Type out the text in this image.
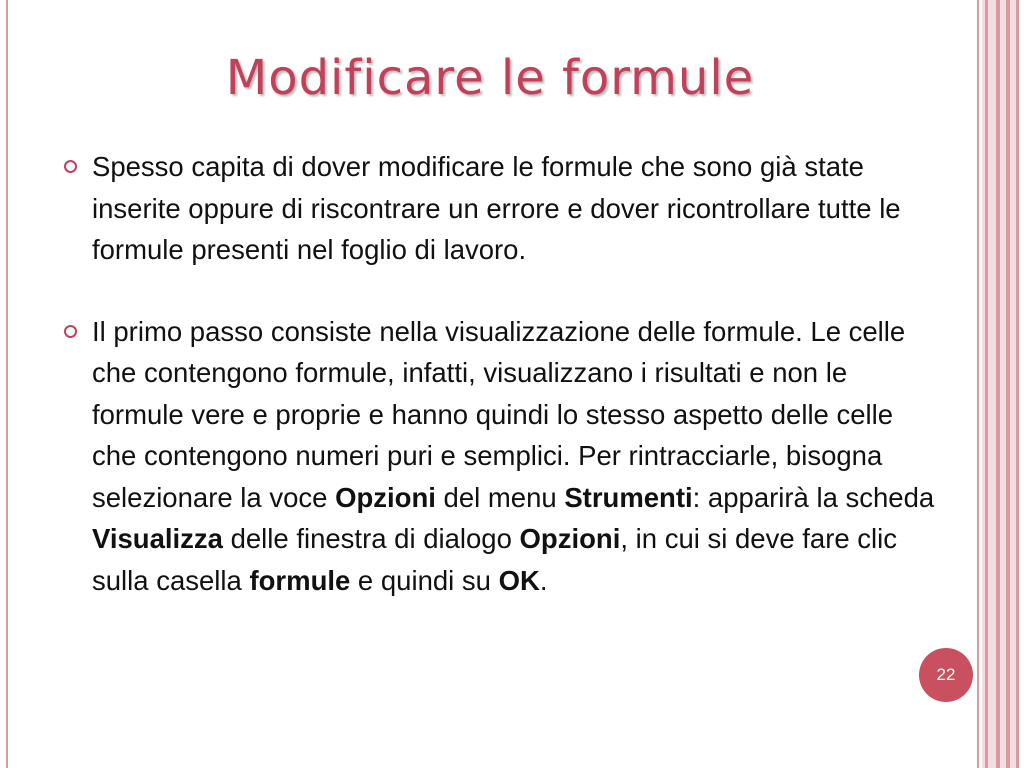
Modificare le formule

Spesso capita di dover modificare le formule che sono già state inserite oppure di riscontrare un errore e dover ricontrollare tutte le formule presenti nel foglio di lavoro.

Il primo passo consiste nella visualizzazione delle formule. Le celle che contengono formule, infatti, visualizzano i risultati e non le formule vere e proprie e hanno quindi lo stesso aspetto delle celle che contengono numeri puri e semplici. Per rintracciarle, bisogna selezionare la voce Opzioni del menu Strumenti: apparirà la scheda Visualizza delle finestra di dialogo Opzioni, in cui si deve fare clic sulla casella formule e quindi su OK.

22
